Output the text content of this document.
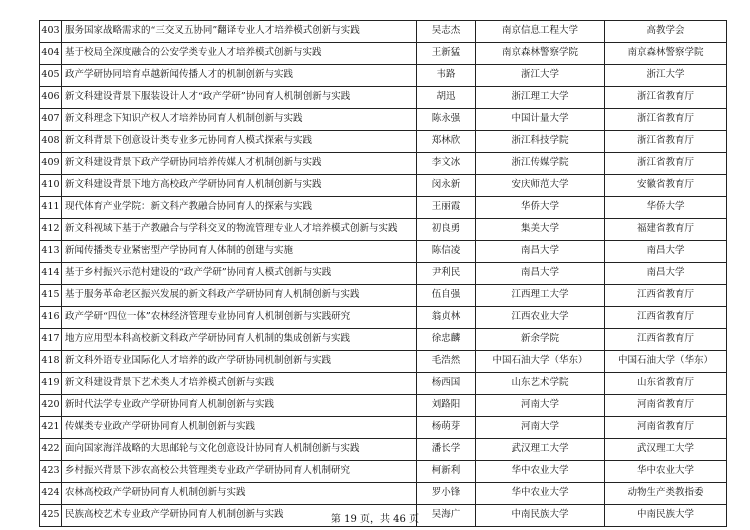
403	服务国家战略需求的“三交叉五协同”翻译专业人才培养模式创新与实践	吴志杰	南京信息工程大学	高教学会
404	基于校局全深度融合的公安学类专业人才培养模式创新与实践	王新猛	南京森林警察学院	南京森林警察学院
405	政产学研协同培育卓越新闻传播人才的机制创新与实践	韦路	浙江大学	浙江大学
406	新文科建设背景下服装设计人才“政产学研”协同育人机制创新与实践	胡迅	浙江理工大学	浙江省教育厅
407	新文科理念下知识产权人才培养协同育人机制创新与实践	陈永强	中国计量大学	浙江省教育厅
408	新文科背景下创意设计类专业多元协同育人模式探索与实践	郑林欣	浙江科技学院	浙江省教育厅
409	新文科建设背景下政产学研协同培养传媒人才机制创新与实践	李文冰	浙江传媒学院	浙江省教育厅
410	新文科建设背景下地方高校政产学研协同育人机制创新与实践	闵永新	安庆师范大学	安徽省教育厅
411	现代体育产业学院：新文科产教融合协同育人的探索与实践	王丽霞	华侨大学	华侨大学
412	新文科视域下基于产教融合与学科交叉的物流管理专业人才培养模式创新与实践	初良勇	集美大学	福建省教育厅
413	新闻传播类专业紧密型产学协同育人体制的创建与实施	陈信凌	南昌大学	南昌大学
414	基于乡村振兴示范村建设的“政产学研”协同育人模式创新与实践	尹利民	南昌大学	南昌大学
415	基于服务革命老区振兴发展的新文科政产学研协同育人机制创新与实践	伍自强	江西理工大学	江西省教育厅
416	政产学研“四位一体”农林经济管理专业协同育人机制创新与实践研究	翁贞林	江西农业大学	江西省教育厅
417	地方应用型本科高校新文科政产学研协同育人机制的集成创新与实践	徐忠麟	新余学院	江西省教育厅
418	新文科外语专业国际化人才培养的政产学研协同机制创新与实践	毛浩然	中国石油大学（华东）	中国石油大学（华东）
419	新文科建设背景下艺术类人才培养模式创新与实践	杨西国	山东艺术学院	山东省教育厅
420	新时代法学专业政产学研协同育人机制创新与实践	刘路阳	河南大学	河南省教育厅
421	传媒类专业政产学研协同育人机制创新与实践	杨萌芽	河南大学	河南省教育厅
422	面向国家海洋战略的大思邮轮与文化创意设计协同育人机制创新与实践	潘长学	武汉理工大学	武汉理工大学
423	乡村振兴背景下涉农高校公共管理类专业政产学研协同育人机制研究	柯新利	华中农业大学	华中农业大学
424	农林高校政产学研协同育人机制创新与实践	罗小锋	华中农业大学	动物生产类教指委
425	民族高校艺术专业政产学研协同育人机制创新与实践	吴海广	中南民族大学	中南民族大学
第 19 页，共 46 页
